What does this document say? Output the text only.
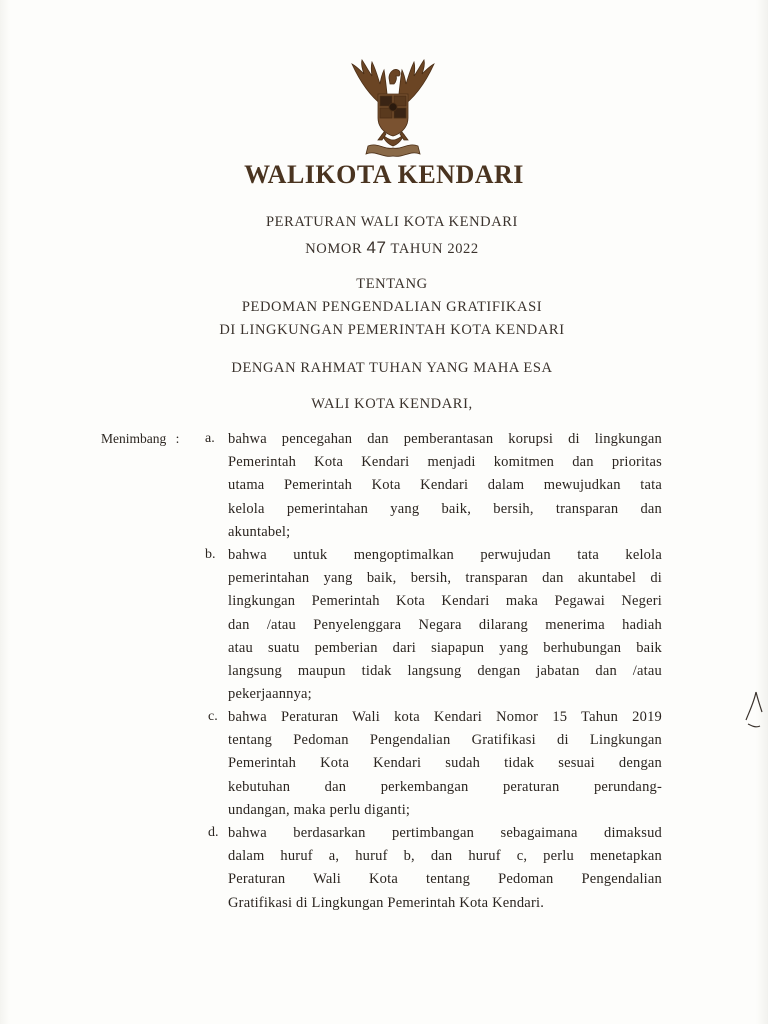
WALIKOTA KENDARI
PERATURAN WALI KOTA KENDARI
NOMOR 47 TAHUN 2022
TENTANG
PEDOMAN PENGENDALIAN GRATIFIKASI
DI LINGKUNGAN PEMERINTAH KOTA KENDARI
DENGAN RAHMAT TUHAN YANG MAHA ESA
WALI KOTA KENDARI,
Menimbang : a. bahwa pencegahan dan pemberantasan korupsi di lingkungan
Pemerintah Kota Kendari menjadi komitmen dan prioritas
utama Pemerintah Kota Kendari dalam mewujudkan tata
kelola pemerintahan yang baik, bersih, transparan dan
akuntabel;
b. bahwa untuk mengoptimalkan perwujudan tata kelola
pemerintahan yang baik, bersih, transparan dan akuntabel di
lingkungan Pemerintah Kota Kendari maka Pegawai Negeri
dan /atau Penyelenggara Negara dilarang menerima hadiah
atau suatu pemberian dari siapapun yang berhubungan baik
langsung maupun tidak langsung dengan jabatan dan /atau
pekerjaannya;
c. bahwa Peraturan Wali kota Kendari Nomor 15 Tahun 2019
tentang Pedoman Pengendalian Gratifikasi di Lingkungan
Pemerintah Kota Kendari sudah tidak sesuai dengan
kebutuhan dan perkembangan peraturan perundang-
undangan, maka perlu diganti;
d. bahwa berdasarkan pertimbangan sebagaimana dimaksud
dalam huruf a, huruf b, dan huruf c, perlu menetapkan
Peraturan Wali Kota tentang Pedoman Pengendalian
Gratifikasi di Lingkungan Pemerintah Kota Kendari.
